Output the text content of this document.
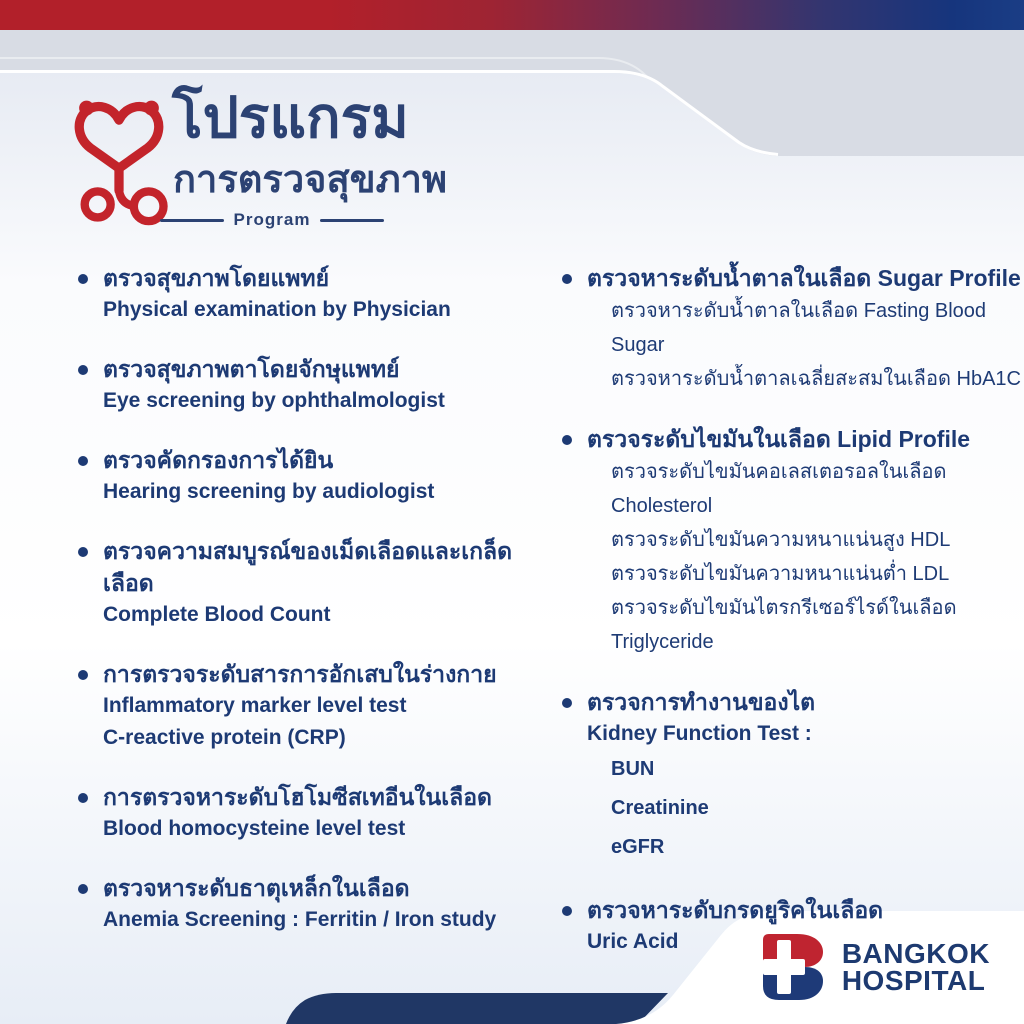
โปรแกรม
การตรวจสุขภาพ
Program
ตรวจสุขภาพโดยแพทย์
Physical examination by Physician
ตรวจสุขภาพตาโดยจักษุแพทย์
Eye screening by ophthalmologist
ตรวจคัดกรองการได้ยิน
Hearing screening by audiologist
ตรวจความสมบูรณ์ของเม็ดเลือดและเกล็ดเลือด
Complete Blood Count
การตรวจระดับสารการอักเสบในร่างกาย
Inflammatory marker level test
C-reactive protein (CRP)
การตรวจหาระดับโฮโมซีสเทอีนในเลือด
Blood homocysteine level test
ตรวจหาระดับธาตุเหล็กในเลือด
Anemia Screening : Ferritin / Iron study
ตรวจหาระดับน้ำตาลในเลือด Sugar Profile
ตรวจหาระดับน้ำตาลในเลือด Fasting Blood Sugar
ตรวจหาระดับน้ำตาลเฉลี่ยสะสมในเลือด HbA1C
ตรวจระดับไขมันในเลือด Lipid Profile
ตรวจระดับไขมันคอเลสเตอรอลในเลือด Cholesterol
ตรวจระดับไขมันความหนาแน่นสูง HDL
ตรวจระดับไขมันความหนาแน่นต่ำ LDL
ตรวจระดับไขมันไตรกรีเซอร์ไรด์ในเลือด Triglyceride
ตรวจการทำงานของไต
Kidney Function Test :
BUN
Creatinine
eGFR
ตรวจหาระดับกรดยูริคในเลือด
Uric Acid	BANGKOK
HOSPITAL
